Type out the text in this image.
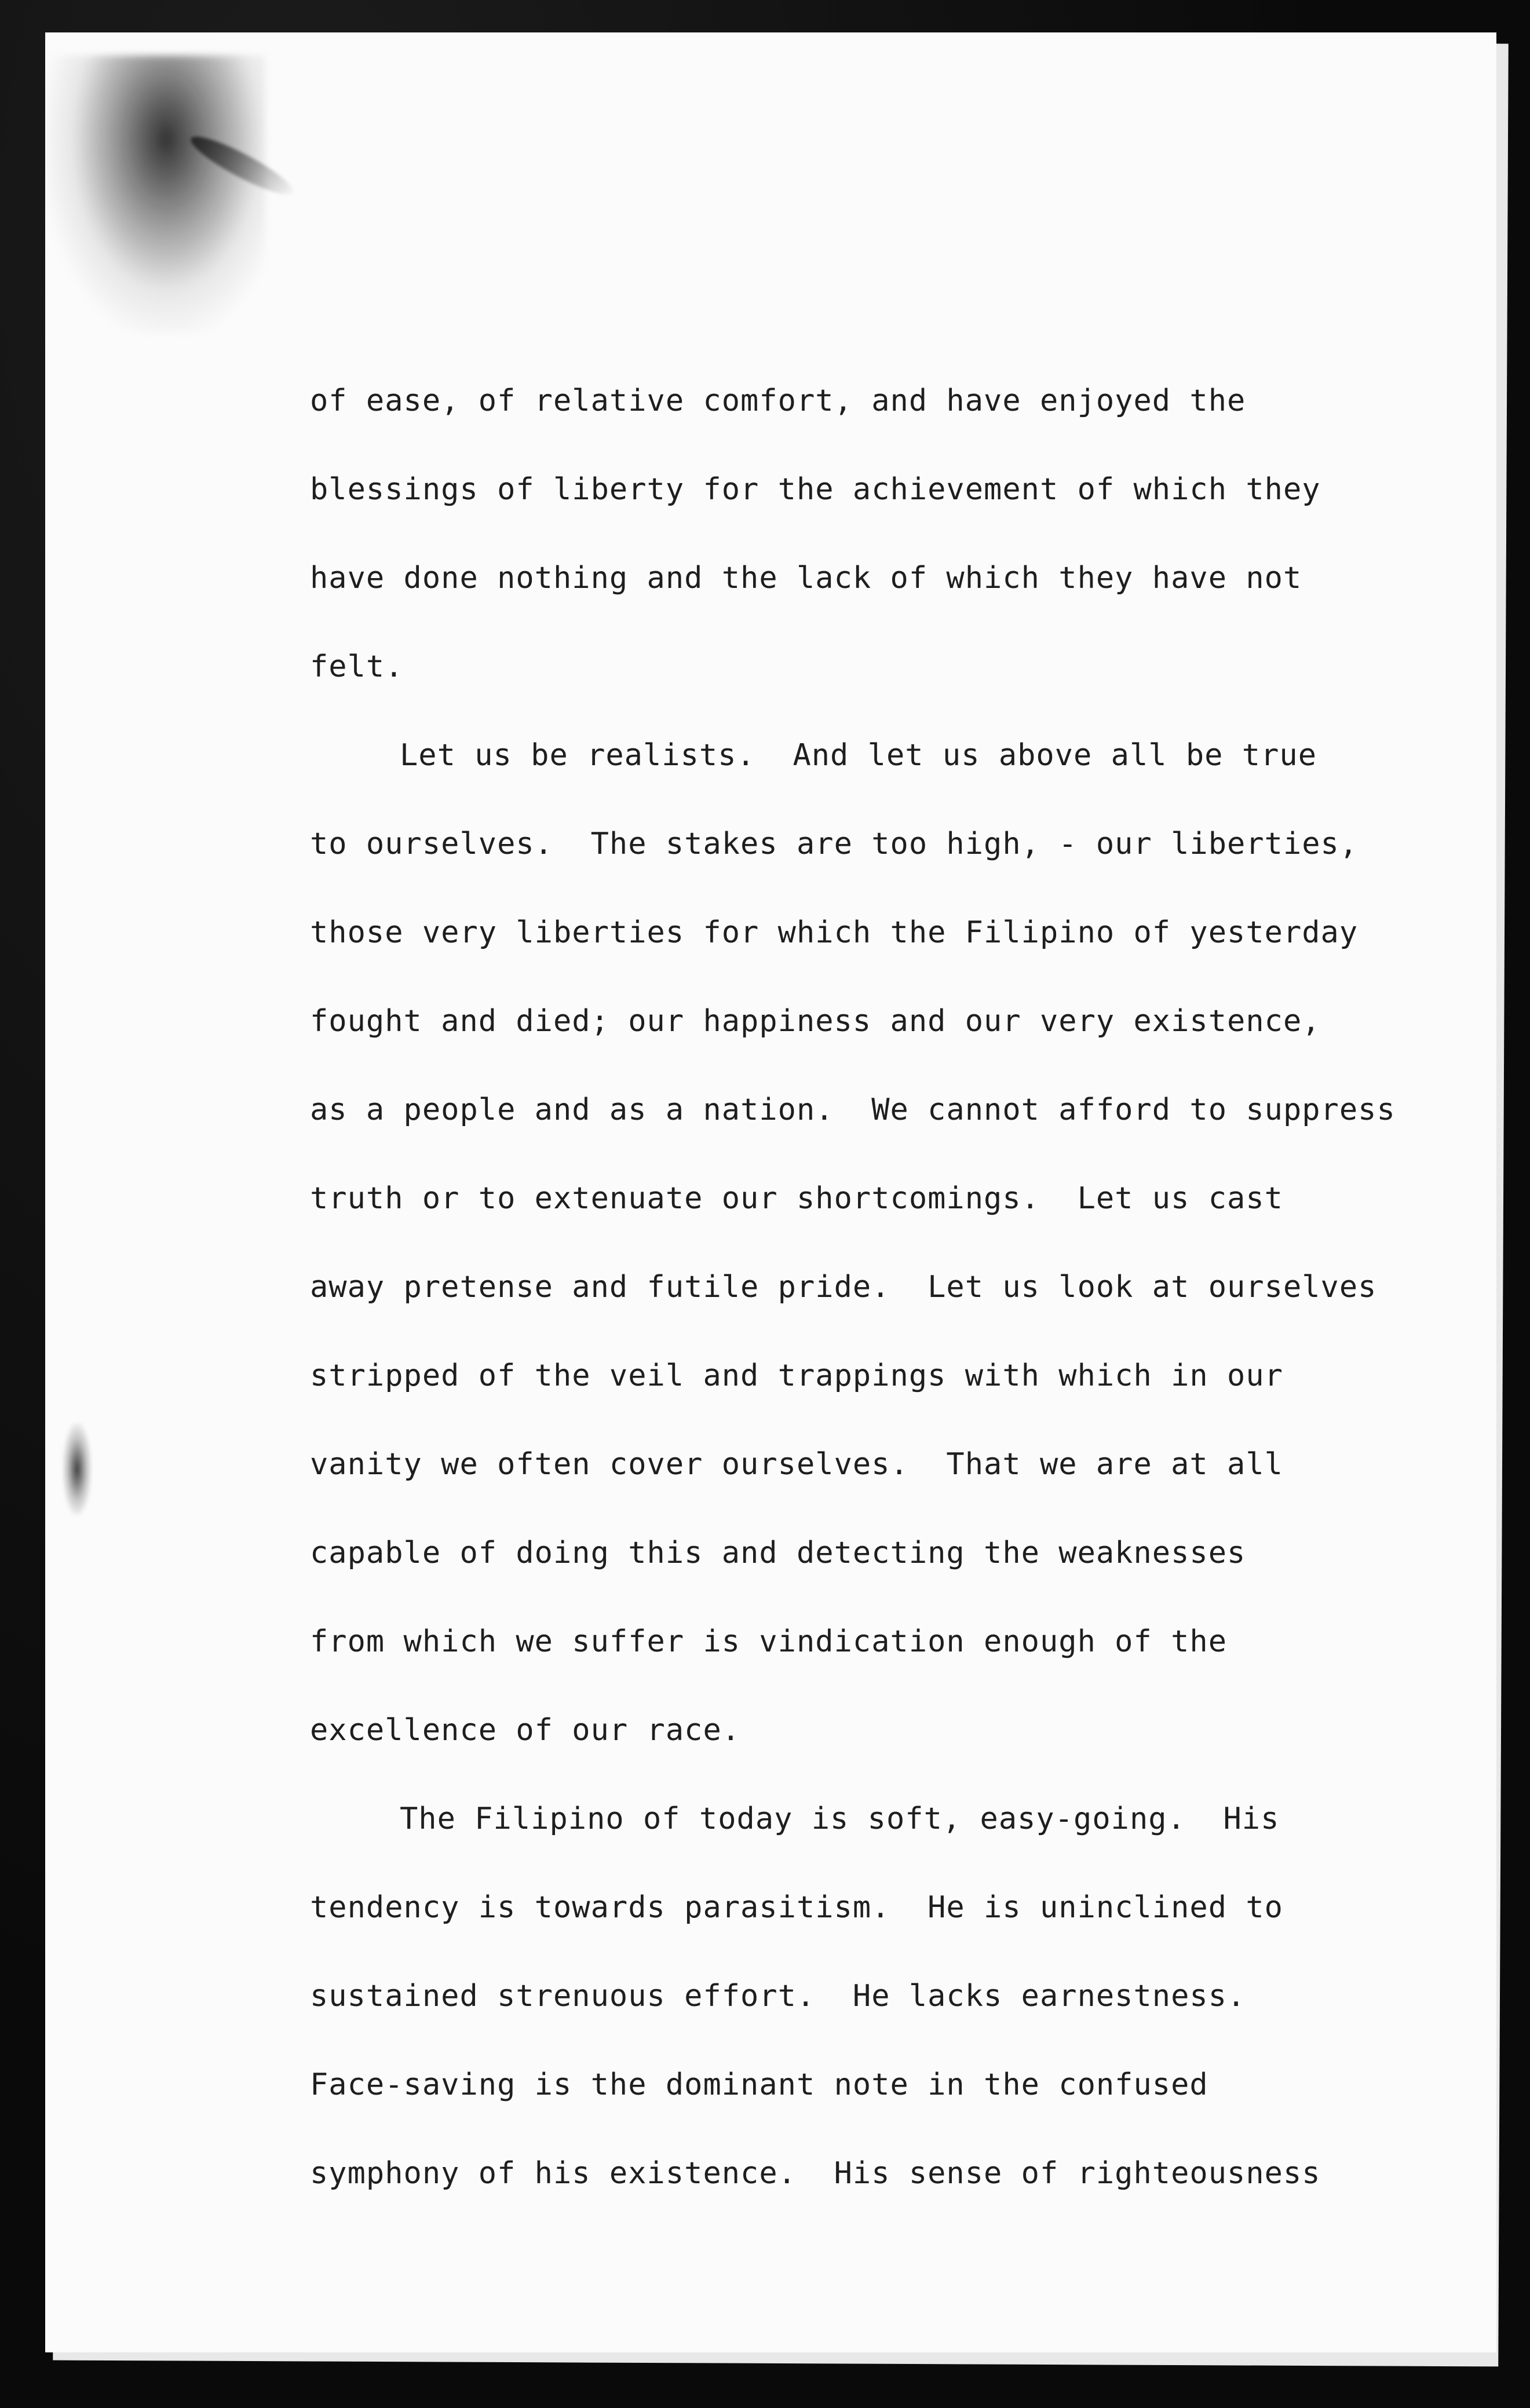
of ease, of relative comfort, and have enjoyed the
blessings of liberty for the achievement of which they
have done nothing and the lack of which they have not
felt.
Let us be realists.  And let us above all be true
to ourselves.  The stakes are too high, - our liberties,
those very liberties for which the Filipino of yesterday
fought and died; our happiness and our very existence,
as a people and as a nation.  We cannot afford to suppress
truth or to extenuate our shortcomings.  Let us cast
away pretense and futile pride.  Let us look at ourselves
stripped of the veil and trappings with which in our
vanity we often cover ourselves.  That we are at all
capable of doing this and detecting the weaknesses
from which we suffer is vindication enough of the
excellence of our race.
The Filipino of today is soft, easy-going.  His
tendency is towards parasitism.  He is uninclined to
sustained strenuous effort.  He lacks earnestness.
Face-saving is the dominant note in the confused
symphony of his existence.  His sense of righteousness
